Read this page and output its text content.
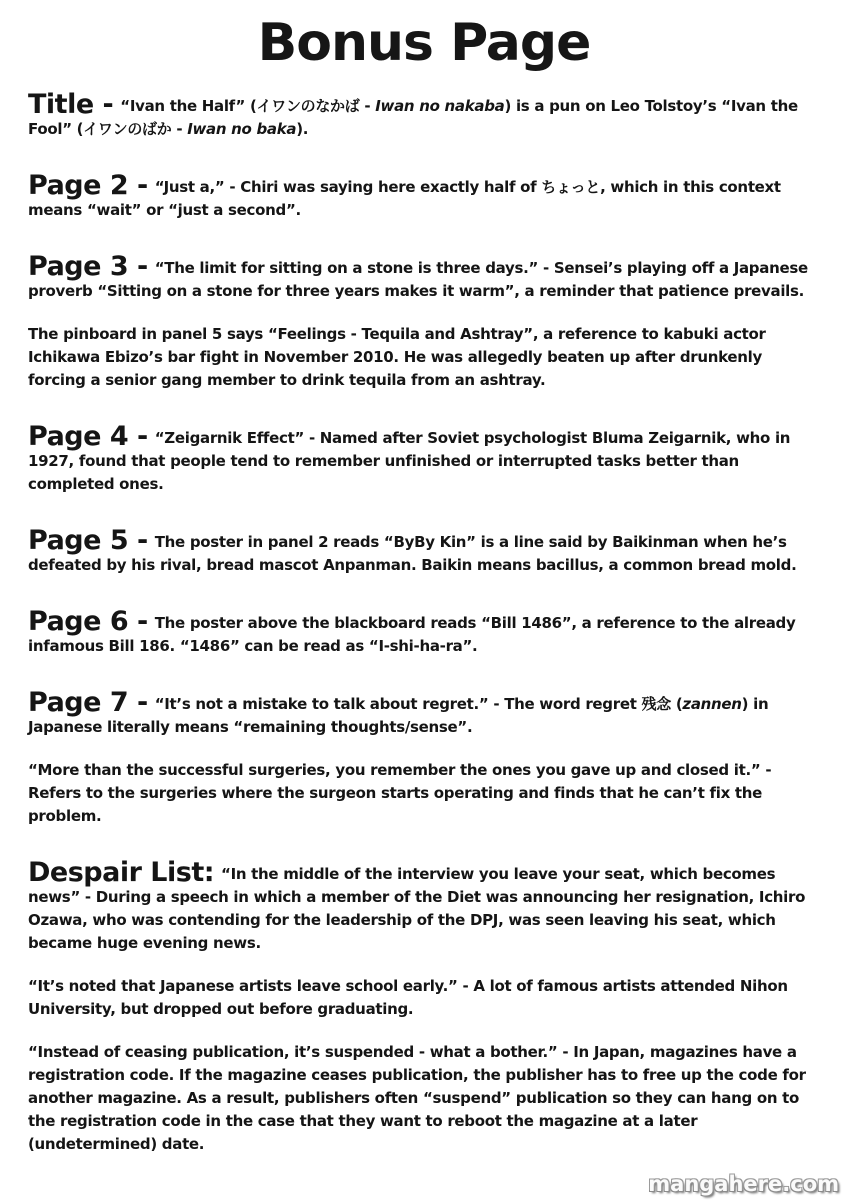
Bonus Page

Title - “Ivan the Half” (イワンのなかば - Iwan no nakaba) is a pun on Leo Tolstoy’s “Ivan the Fool” (イワンのばか - Iwan no baka).

Page 2 - “Just a,” - Chiri was saying here exactly half of ちょっと, which in this context means “wait” or “just a second”.

Page 3 - “The limit for sitting on a stone is three days.” - Sensei’s playing off a Japanese proverb “Sitting on a stone for three years makes it warm”, a reminder that patience prevails.

The pinboard in panel 5 says “Feelings - Tequila and Ashtray”, a reference to kabuki actor Ichikawa Ebizo’s bar fight in November 2010. He was allegedly beaten up after drunkenly forcing a senior gang member to drink tequila from an ashtray.

Page 4 - “Zeigarnik Effect” - Named after Soviet psychologist Bluma Zeigarnik, who in 1927, found that people tend to remember unfinished or interrupted tasks better than completed ones.

Page 5 - The poster in panel 2 reads “ByBy Kin” is a line said by Baikinman when he’s defeated by his rival, bread mascot Anpanman. Baikin means bacillus, a common bread mold.

Page 6 - The poster above the blackboard reads “Bill 1486”, a reference to the already infamous Bill 186. “1486” can be read as “I-shi-ha-ra”.

Page 7 - “It’s not a mistake to talk about regret.” - The word regret 残念 (zannen) in Japanese literally means “remaining thoughts/sense”.

“More than the successful surgeries, you remember the ones you gave up and closed it.” -Refers to the surgeries where the surgeon starts operating and finds that he can’t fix the problem.

Despair List: “In the middle of the interview you leave your seat, which becomes news” - During a speech in which a member of the Diet was announcing her resignation, Ichiro Ozawa, who was contending for the leadership of the DPJ, was seen leaving his seat, which became huge evening news.

“It’s noted that Japanese artists leave school early.” - A lot of famous artists attended Nihon University, but dropped out before graduating.

“Instead of ceasing publication, it’s suspended - what a bother.” - In Japan, magazines have a registration code. If the magazine ceases publication, the publisher has to free up the code for another magazine. As a result, publishers often “suspend” publication so they can hang on to the registration code in the case that they want to reboot the magazine at a later (undetermined) date.

mangahere.com
